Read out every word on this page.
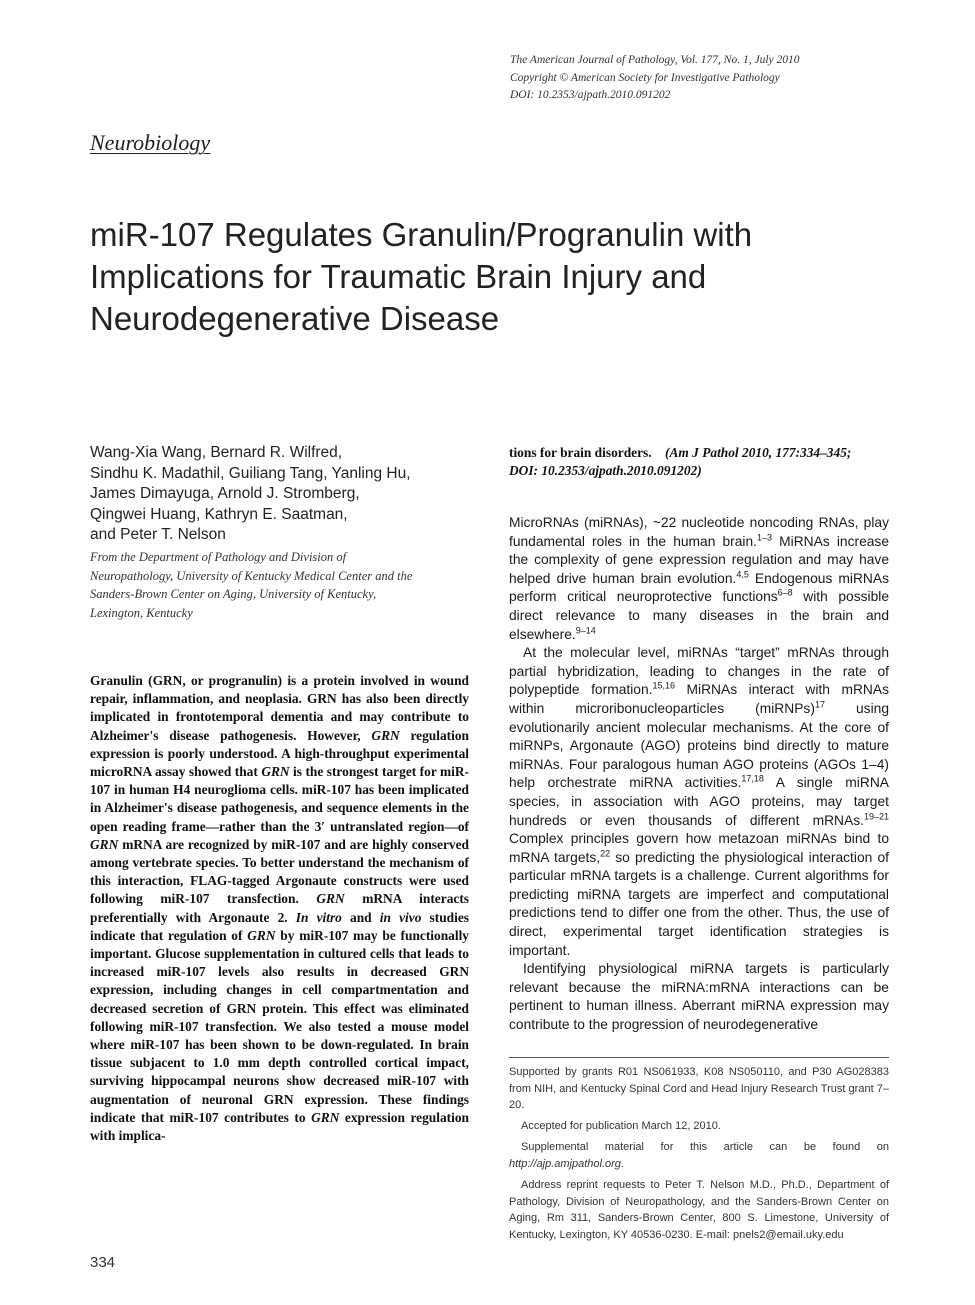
The American Journal of Pathology, Vol. 177, No. 1, July 2010
Copyright © American Society for Investigative Pathology
DOI: 10.2353/ajpath.2010.091202
Neurobiology
miR-107 Regulates Granulin/Progranulin with
Implications for Traumatic Brain Injury and
Neurodegenerative Disease
Wang-Xia Wang, Bernard R. Wilfred,
Sindhu K. Madathil, Guiliang Tang, Yanling Hu,
James Dimayuga, Arnold J. Stromberg,
Qingwei Huang, Kathryn E. Saatman,
and Peter T. Nelson
From the Department of Pathology and Division of
Neuropathology, University of Kentucky Medical Center and the
Sanders-Brown Center on Aging, University of Kentucky,
Lexington, Kentucky
Granulin (GRN, or progranulin) is a protein involved in wound repair, inflammation, and neoplasia. GRN has also been directly implicated in frontotemporal dementia and may contribute to Alzheimer's disease pathogenesis. However, GRN regulation expression is poorly understood. A high-throughput experimental microRNA assay showed that GRN is the strongest target for miR-107 in human H4 neuroglioma cells. miR-107 has been implicated in Alzheimer's disease pathogenesis, and sequence elements in the open reading frame—rather than the 3′ untranslated region—of GRN mRNA are recognized by miR-107 and are highly conserved among vertebrate species. To better understand the mechanism of this interaction, FLAG-tagged Argonaute constructs were used following miR-107 transfection. GRN mRNA interacts preferentially with Argonaute 2. In vitro and in vivo studies indicate that regulation of GRN by miR-107 may be functionally important. Glucose supplementation in cultured cells that leads to increased miR-107 levels also results in decreased GRN expression, including changes in cell compartmentation and decreased secretion of GRN protein. This effect was eliminated following miR-107 transfection. We also tested a mouse model where miR-107 has been shown to be down-regulated. In brain tissue subjacent to 1.0 mm depth controlled cortical impact, surviving hippocampal neurons show decreased miR-107 with augmentation of neuronal GRN expression. These findings indicate that miR-107 contributes to GRN expression regulation with implica-
tions for brain disorders. (Am J Pathol 2010, 177:334–345;
DOI: 10.2353/ajpath.2010.091202)

MicroRNAs (miRNAs), ~22 nucleotide noncoding RNAs, play fundamental roles in the human brain.$^{1-3}$ MiRNAs increase the complexity of gene expression regulation and may have helped drive human brain evolution.$^{4,5}$ Endogenous miRNAs perform critical neuroprotective functions$^{6-8}$ with possible direct relevance to many diseases in the brain and elsewhere.$^{9-14}$

At the molecular level, miRNAs “target” mRNAs through partial hybridization, leading to changes in the rate of polypeptide formation.$^{15,16}$ MiRNAs interact with mRNAs within microribonucleoparticles (miRNPs)$^{17}$ using evolutionarily ancient molecular mechanisms. At the core of miRNPs, Argonaute (AGO) proteins bind directly to mature miRNAs. Four paralogous human AGO proteins (AGOs 1–4) help orchestrate miRNA activities.$^{17,18}$ A single miRNA species, in association with AGO proteins, may target hundreds or even thousands of different mRNAs.$^{19-21}$ Complex principles govern how metazoan miRNAs bind to mRNA targets,$^{22}$ so predicting the physiological interaction of particular mRNA targets is a challenge. Current algorithms for predicting miRNA targets are imperfect and computational predictions tend to differ one from the other. Thus, the use of direct, experimental target identification strategies is important.

Identifying physiological miRNA targets is particularly relevant because the miRNA:mRNA interactions can be pertinent to human illness. Aberrant miRNA expression may contribute to the progression of neurodegenerative

Supported by grants R01 NS061933, K08 NS050110, and P30 AG028383 from NIH, and Kentucky Spinal Cord and Head Injury Research Trust grant 7–20.

Accepted for publication March 12, 2010.

Supplemental material for this article can be found on http://ajp.amjpathol.org.

Address reprint requests to Peter T. Nelson M.D., Ph.D., Department of Pathology, Division of Neuropathology, and the Sanders-Brown Center on Aging, Rm 311, Sanders-Brown Center, 800 S. Limestone, University of Kentucky, Lexington, KY 40536-0230. E-mail: pnels2@email.uky.edu

334
